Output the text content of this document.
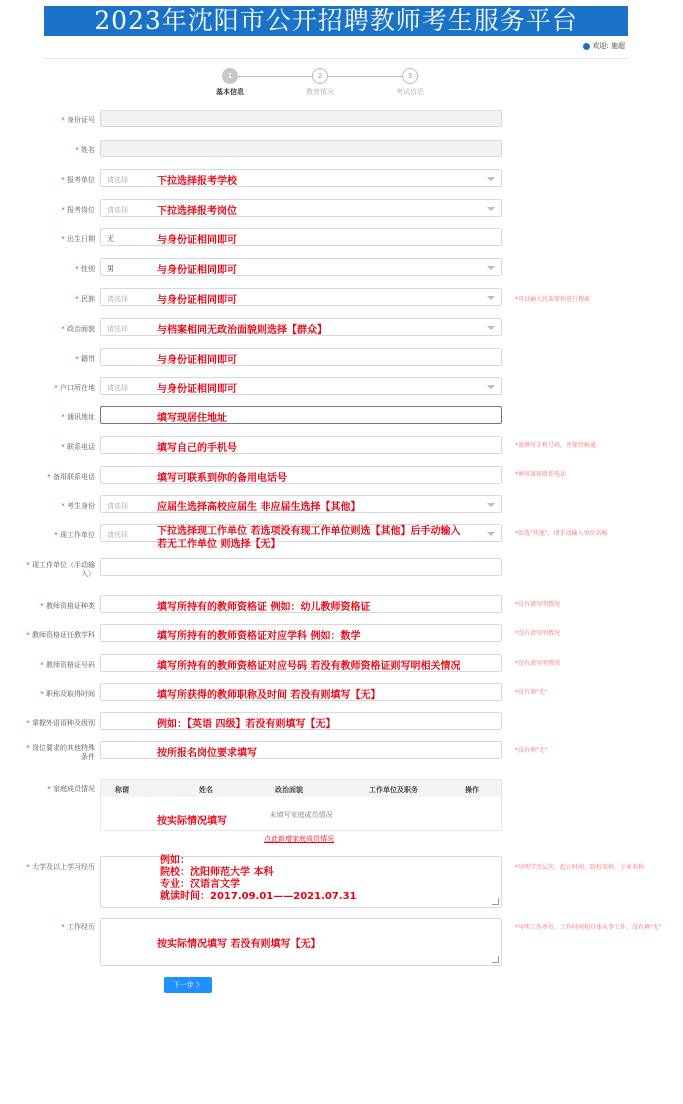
2023年沈阳市公开招聘教师考生服务平台
欢迎: 施超
1
基本信息
2
教育情况
3
考试信息
* 身份证号
* 姓名
* 报考单位 请选择	下拉选择报考学校
* 报考岗位 请选择	下拉选择报考岗位
* 出生日期 无	与身份证相同即可
* 性别 男	与身份证相同即可
* 民族 请选择	与身份证相同即可	*可以输入民族简称进行搜索
* 政治面貌 请选择	与档案相同无政治面貌则选择【群众】
* 籍贯	与身份证相同即可
* 户口所在地 请选择	与身份证相同即可
* 通讯地址	填写现居住地址
* 联系电话	填写自己的手机号	*请填写手机号码，并保持畅通
* 备用联系电话	填写可联系到你的备用电话号	*填写备用联系电话
* 考生身份 请选择	应届生选择高校应届生 非应届生选择【其他】
* 现工作单位 请选择	下拉选择现工作单位 若选项没有现工作单位则选【其他】后手动输入
若无工作单位 则选择【无】
*如选"其他"，请手动输入单位名称
* 现工作单位（手动输
入）
* 教师资格证种类	填写所持有的教师资格证 例如：幼儿教师资格证	*没有请写明情况
* 教师资格证任教学科	填写所持有的教师资格证对应学科 例如：数学	*没有请写明情况
* 教师资格证号码	填写所持有的教师资格证对应号码 若没有教师资格证则写明相关情况	*没有请写明情况
* 职称及取得时间	填写所获得的教师职称及时间 若没有则填写【无】	*没有填"无"
* 掌握外语语种及级别	例如：【英语 四级】若没有则填写【无】
* 岗位要求的其他特殊
条件	按所报名岗位要求填写	*没有填"无"
* 家庭成员情况	称谓	姓名	政治面貌	工作单位及职务	操作
未填写家庭成员情况
按实际情况填写
点此新增家庭成员情况
* 大学及以上学习经历
例如：
院校：沈阳师范大学 本科
专业：汉语言文学
就读时间：2017.09.01——2021.07.31
*写明学历层次、起止时间、院校名称、专业名称
* 工作经历
按实际情况填写 若没有则填写【无】
*写明工作单位、工作时间和具体从事工作，没有填"无"
下一步 》
